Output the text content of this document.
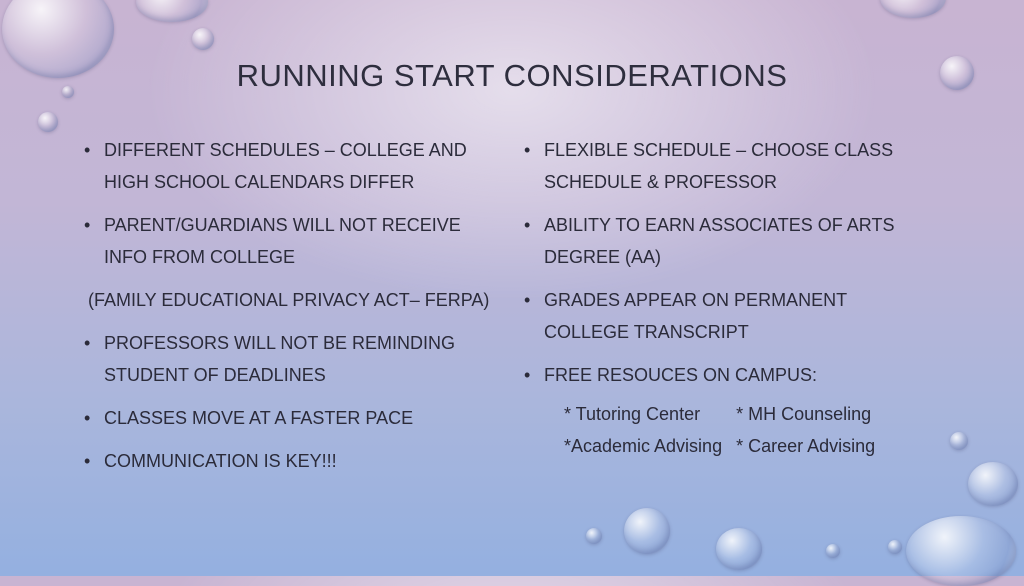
RUNNING START CONSIDERATIONS
• DIFFERENT SCHEDULES – COLLEGE AND
HIGH SCHOOL CALENDARS DIFFER
• PARENT/GUARDIANS WILL NOT RECEIVE
INFO FROM COLLEGE
(FAMILY EDUCATIONAL PRIVACY ACT– FERPA)
• PROFESSORS WILL NOT BE REMINDING
STUDENT OF DEADLINES
• CLASSES MOVE AT A FASTER PACE
• COMMUNICATION IS KEY!!!
• FLEXIBLE SCHEDULE – CHOOSE CLASS
SCHEDULE & PROFESSOR
• ABILITY TO EARN ASSOCIATES OF ARTS
DEGREE (AA)
• GRADES APPEAR ON PERMANENT
COLLEGE TRANSCRIPT
• FREE RESOUCES ON CAMPUS:
* Tutoring Center
*Academic Advising
* MH Counseling
* Career Advising
